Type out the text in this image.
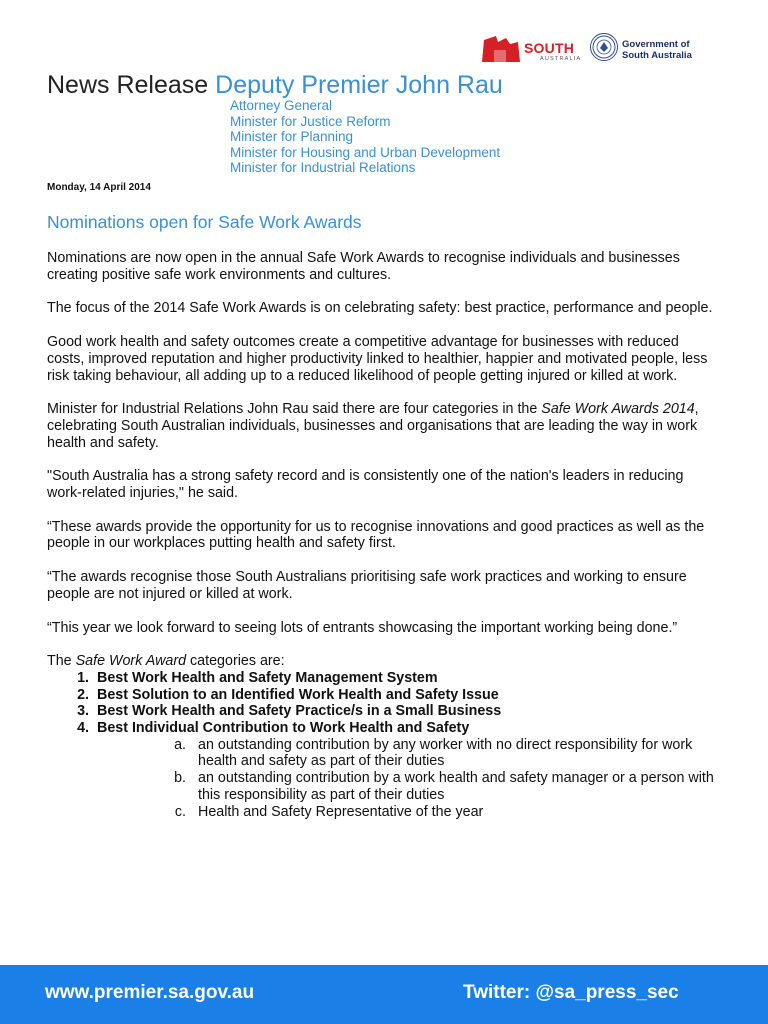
SOUTH
AUSTRALIA
Government of
South Australia
News Release Deputy Premier John Rau
Attorney General
Minister for Justice Reform
Minister for Planning
Minister for Housing and Urban Development
Minister for Industrial Relations
Monday, 14 April 2014
Nominations open for Safe Work Awards

Nominations are now open in the annual Safe Work Awards to recognise individuals and businesses creating positive safe work environments and cultures.

The focus of the 2014 Safe Work Awards is on celebrating safety: best practice, performance and people.

Good work health and safety outcomes create a competitive advantage for businesses with reduced costs, improved reputation and higher productivity linked to healthier, happier and motivated people, less risk taking behaviour, all adding up to a reduced likelihood of people getting injured or killed at work.

Minister for Industrial Relations John Rau said there are four categories in the Safe Work Awards 2014, celebrating South Australian individuals, businesses and organisations that are leading the way in work health and safety.

"South Australia has a strong safety record and is consistently one of the nation's leaders in reducing work-related injuries," he said.

“These awards provide the opportunity for us to recognise innovations and good practices as well as the people in our workplaces putting health and safety first.

“The awards recognise those South Australians prioritising safe work practices and working to ensure people are not injured or killed at work.

“This year we look forward to seeing lots of entrants showcasing the important working being done.”

The Safe Work Award categories are:

1. Best Work Health and Safety Management System
2. Best Solution to an Identified Work Health and Safety Issue
3. Best Work Health and Safety Practice/s in a Small Business
4. Best Individual Contribution to Work Health and Safety
a. an outstanding contribution by any worker with no direct responsibility for work health and safety as part of their duties
b. an outstanding contribution by a work health and safety manager or a person with this responsibility as part of their duties
c. Health and Safety Representative of the year
www.premier.sa.gov.au	Twitter: @sa_press_sec
